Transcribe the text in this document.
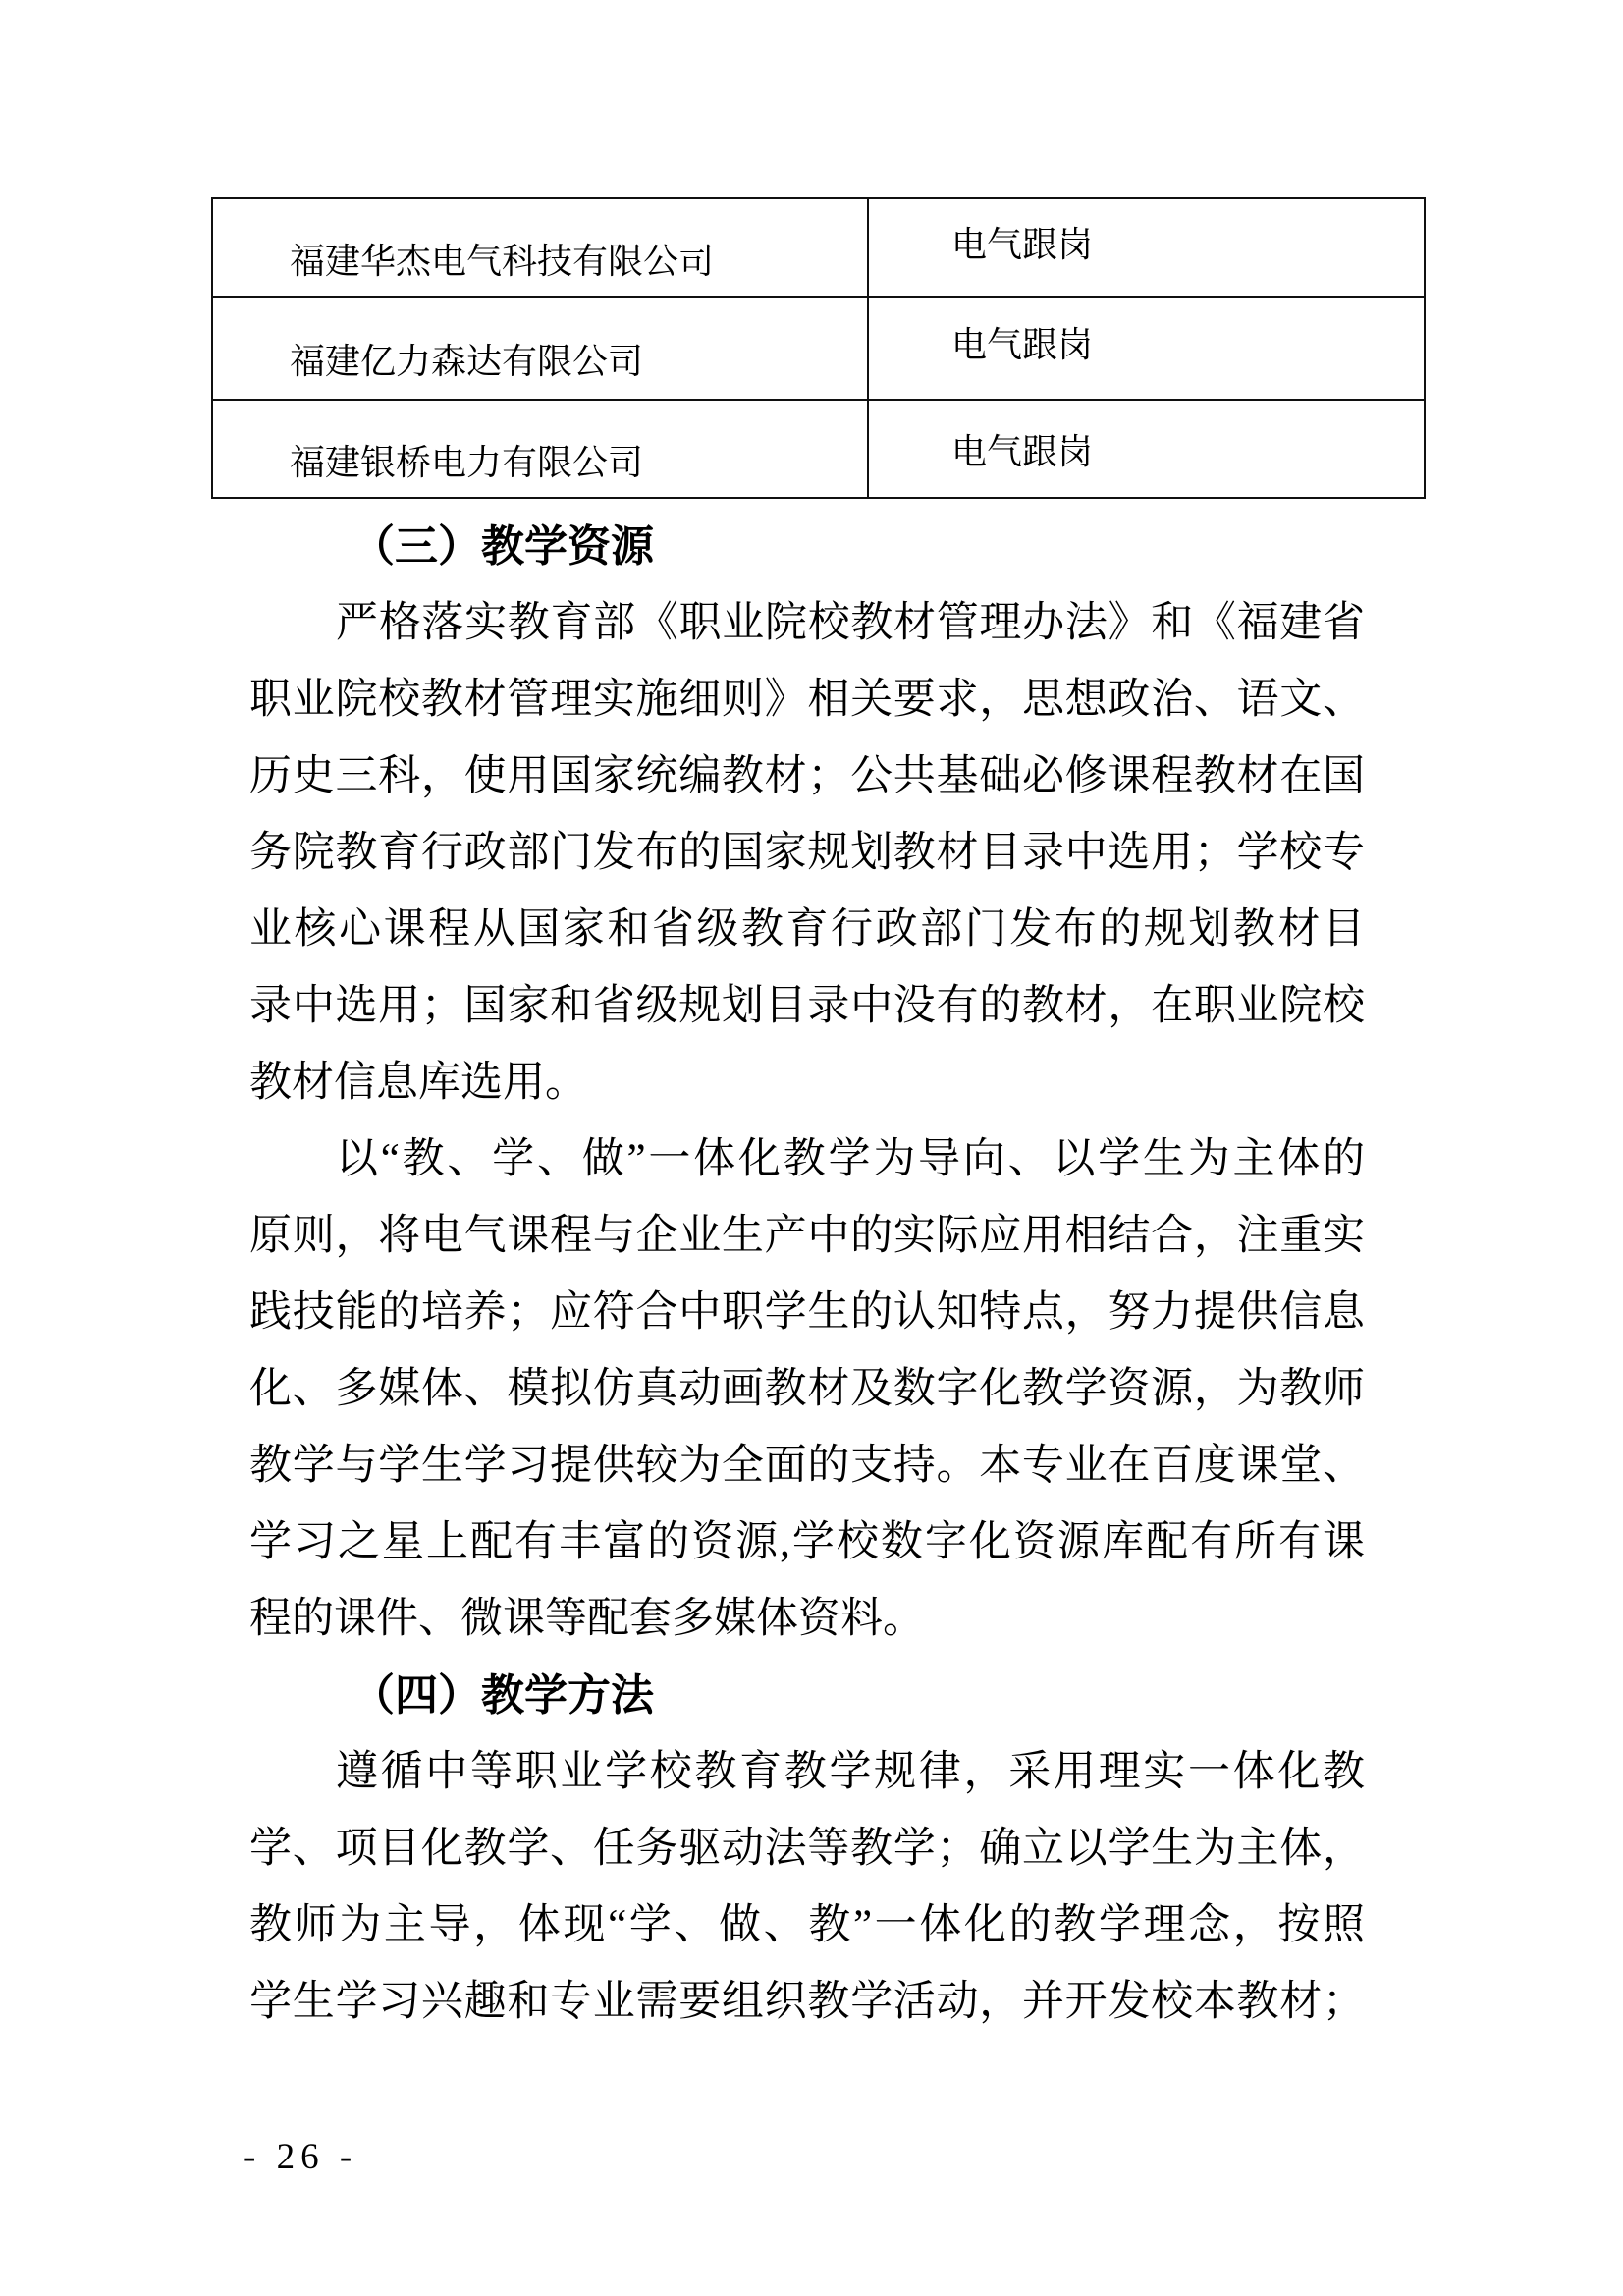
福建华杰电气科技有限公司	电气跟岗
福建亿力森达有限公司	电气跟岗
福建银桥电力有限公司	电气跟岗
（三）教学资源
严格落实教育部《职业院校教材管理办法》和《福建省
职业院校教材管理实施细则》相关要求，思想政治、语文、
历史三科，使用国家统编教材；公共基础必修课程教材在国
务院教育行政部门发布的国家规划教材目录中选用；学校专
业核心课程从国家和省级教育行政部门发布的规划教材目
录中选用；国家和省级规划目录中没有的教材，在职业院校
教材信息库选用。
以“教、学、做”一体化教学为导向、以学生为主体的
原则，将电气课程与企业生产中的实际应用相结合，注重实
践技能的培养；应符合中职学生的认知特点，努力提供信息
化、多媒体、模拟仿真动画教材及数字化教学资源，为教师
教学与学生学习提供较为全面的支持。本专业在百度课堂、
学习之星上配有丰富的资源,学校数字化资源库配有所有课
程的课件、微课等配套多媒体资料。
（四）教学方法
遵循中等职业学校教育教学规律，采用理实一体化教
学、项目化教学、任务驱动法等教学；确立以学生为主体，
教师为主导，体现“学、做、教”一体化的教学理念，按照
学生学习兴趣和专业需要组织教学活动，并开发校本教材；
- 26 -
